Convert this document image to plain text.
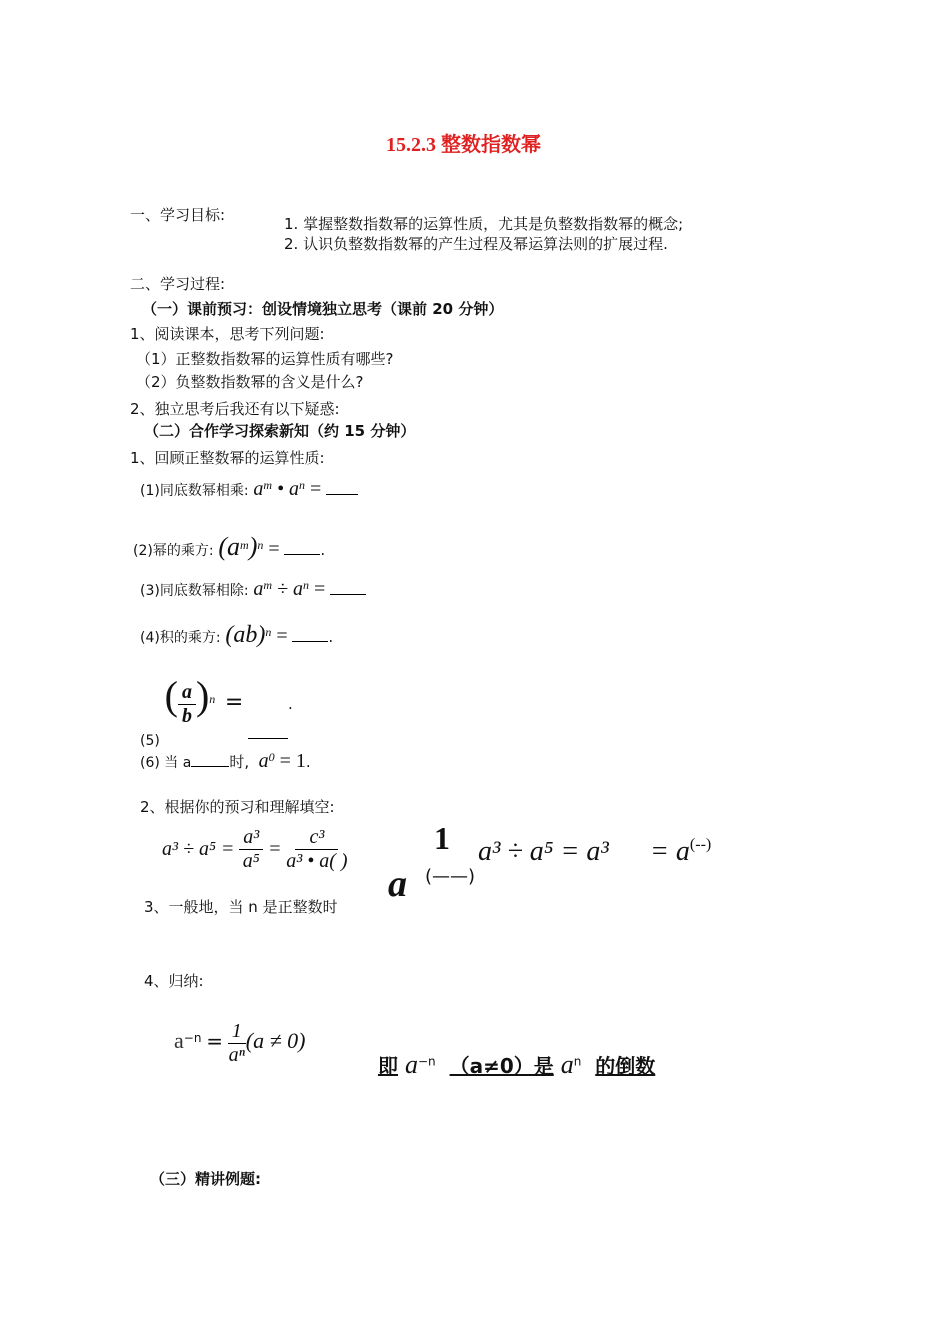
15.2.3 整数指数幂
一、学习目标:	1. 掌握整数指数幂的运算性质，尤其是负整数指数幂的概念;
2. 认识负整数指数幂的产生过程及幂运算法则的扩展过程.
二、学习过程:
（一）课前预习：创设情境独立思考（课前 20 分钟）
1、阅读课本，思考下列问题:
（1）正整数指数幂的运算性质有哪些?
（2）负整数指数幂的含义是什么?
2、独立思考后我还有以下疑惑:
（二）合作学习探索新知（约 15 分钟）
1、回顾正整数幂的运算性质:
(1)同底数幂相乘: $a^m$ • $a^n$ =
(2)幂的乘方: $(a^m)^n$ =	.
(3)同底数幂相除: $a^m \div a^n$ =
(4)积的乘方: (ab)$^n$ =	.
(5) ( $\frac{a}{b} )^n$ =	.
(6) 当 a	时, $a^0 = 1$.
2、根据你的预习和理解填空:
$a^3 \div a^5 = \frac{\text{a³}}{\text{a⁵}} = \frac{\text{c³}}{\text{a³ • a( )}}$	1
a (——)
a³ ÷ a⁵ = a³ = a(--)
3、一般地，当 n 是正整数时
4、归纳:
$a^{-n} = \frac{1}{\text{aⁿ}} (a \ne 0)$
即 $a^{-n}$ （a≠0）是 $a^n$ 的倒数
（三）精讲例题:
